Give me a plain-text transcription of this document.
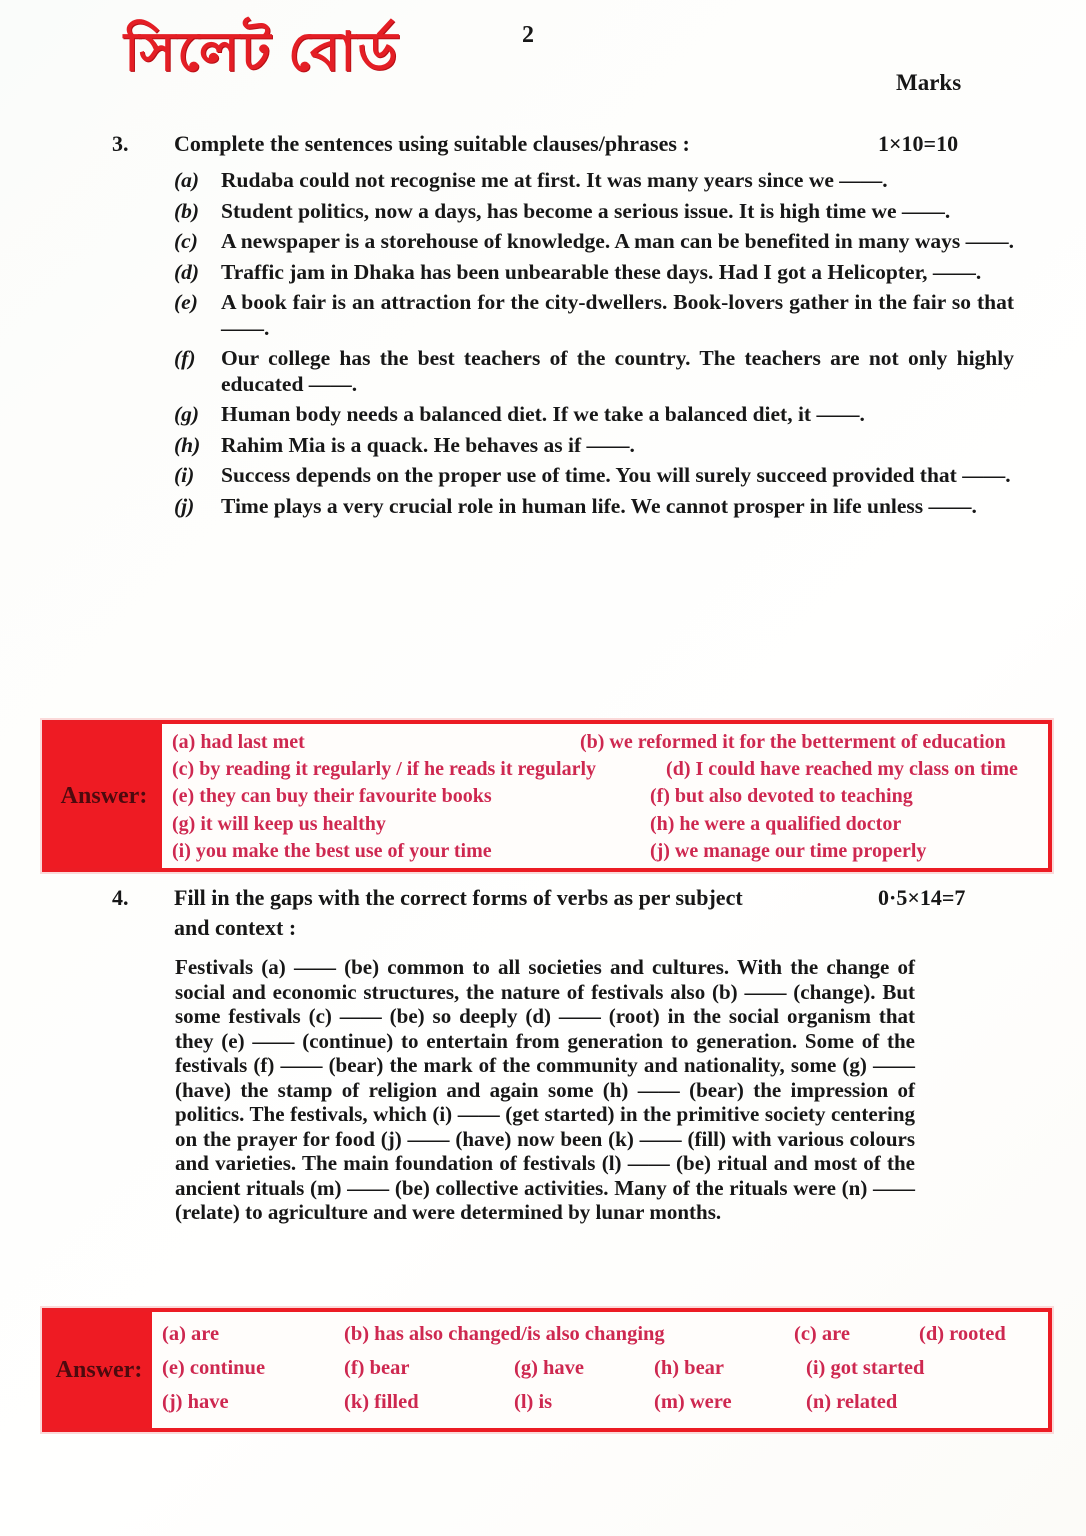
সিলেট বোর্ড	2
Marks
3.	Complete the sentences using suitable clauses/phrases :	1×10=10
(a)	Rudaba could not recognise me at first. It was many years since we ——.
(b)	Student politics, now a days, has become a serious issue. It is high time we ——.
(c)	A newspaper is a storehouse of knowledge. A man can be benefited in many ways ——.
(d)	Traffic jam in Dhaka has been unbearable these days. Had I got a Helicopter, ——.
(e)	A book fair is an attraction for the city-dwellers. Book-lovers gather in the fair so that ——.
(f)	Our college has the best teachers of the country. The teachers are not only highly educated ——.
(g)	Human body needs a balanced diet. If we take a balanced diet, it ——.
(h) Rahim Mia is a quack. He behaves as if ——.
(i)	Success depends on the proper use of time. You will surely succeed provided that ——.
(j)	Time plays a very crucial role in human life. We cannot prosper in life unless ——.
Answer:
(a) had last met	(b) we reformed it for the betterment of education
(c) by reading it regularly / if he reads it regularly	(d) I could have reached my class on time
(e) they can buy their favourite books	(f) but also devoted to teaching
(g) it will keep us healthy	(h) he were a qualified doctor
(i) you make the best use of your time	(j) we manage our time properly
4.	Fill in the gaps with the correct forms of verbs as per subject	0·5×14=7
and context :
Festivals (a) —— (be) common to all societies and cultures. With the change of social and economic structures, the nature of festivals also (b) —— (change). But some festivals (c) —— (be) so deeply (d) —— (root) in the social organism that they (e) —— (continue) to entertain from generation to generation. Some of the festivals (f) —— (bear) the mark of the community and nationality, some (g) —— (have) the stamp of religion and again some (h) —— (bear) the impression of politics. The festivals, which (i) —— (get started) in the primitive society centering on the prayer for food (j) —— (have) now been (k) —— (fill) with various colours and varieties. The main foundation of festivals (l) —— (be) ritual and most of the ancient rituals (m) —— (be) collective activities. Many of the rituals were (n) —— (relate) to agriculture and were determined by lunar months.
Answer:
(a) are	(b) has also changed/is also changing	(c) are	(d) rooted
(e) continue	(f) bear	(g) have	(h) bear	(i) got started
(j) have	(k) filled	(l) is	(m) were	(n) related
